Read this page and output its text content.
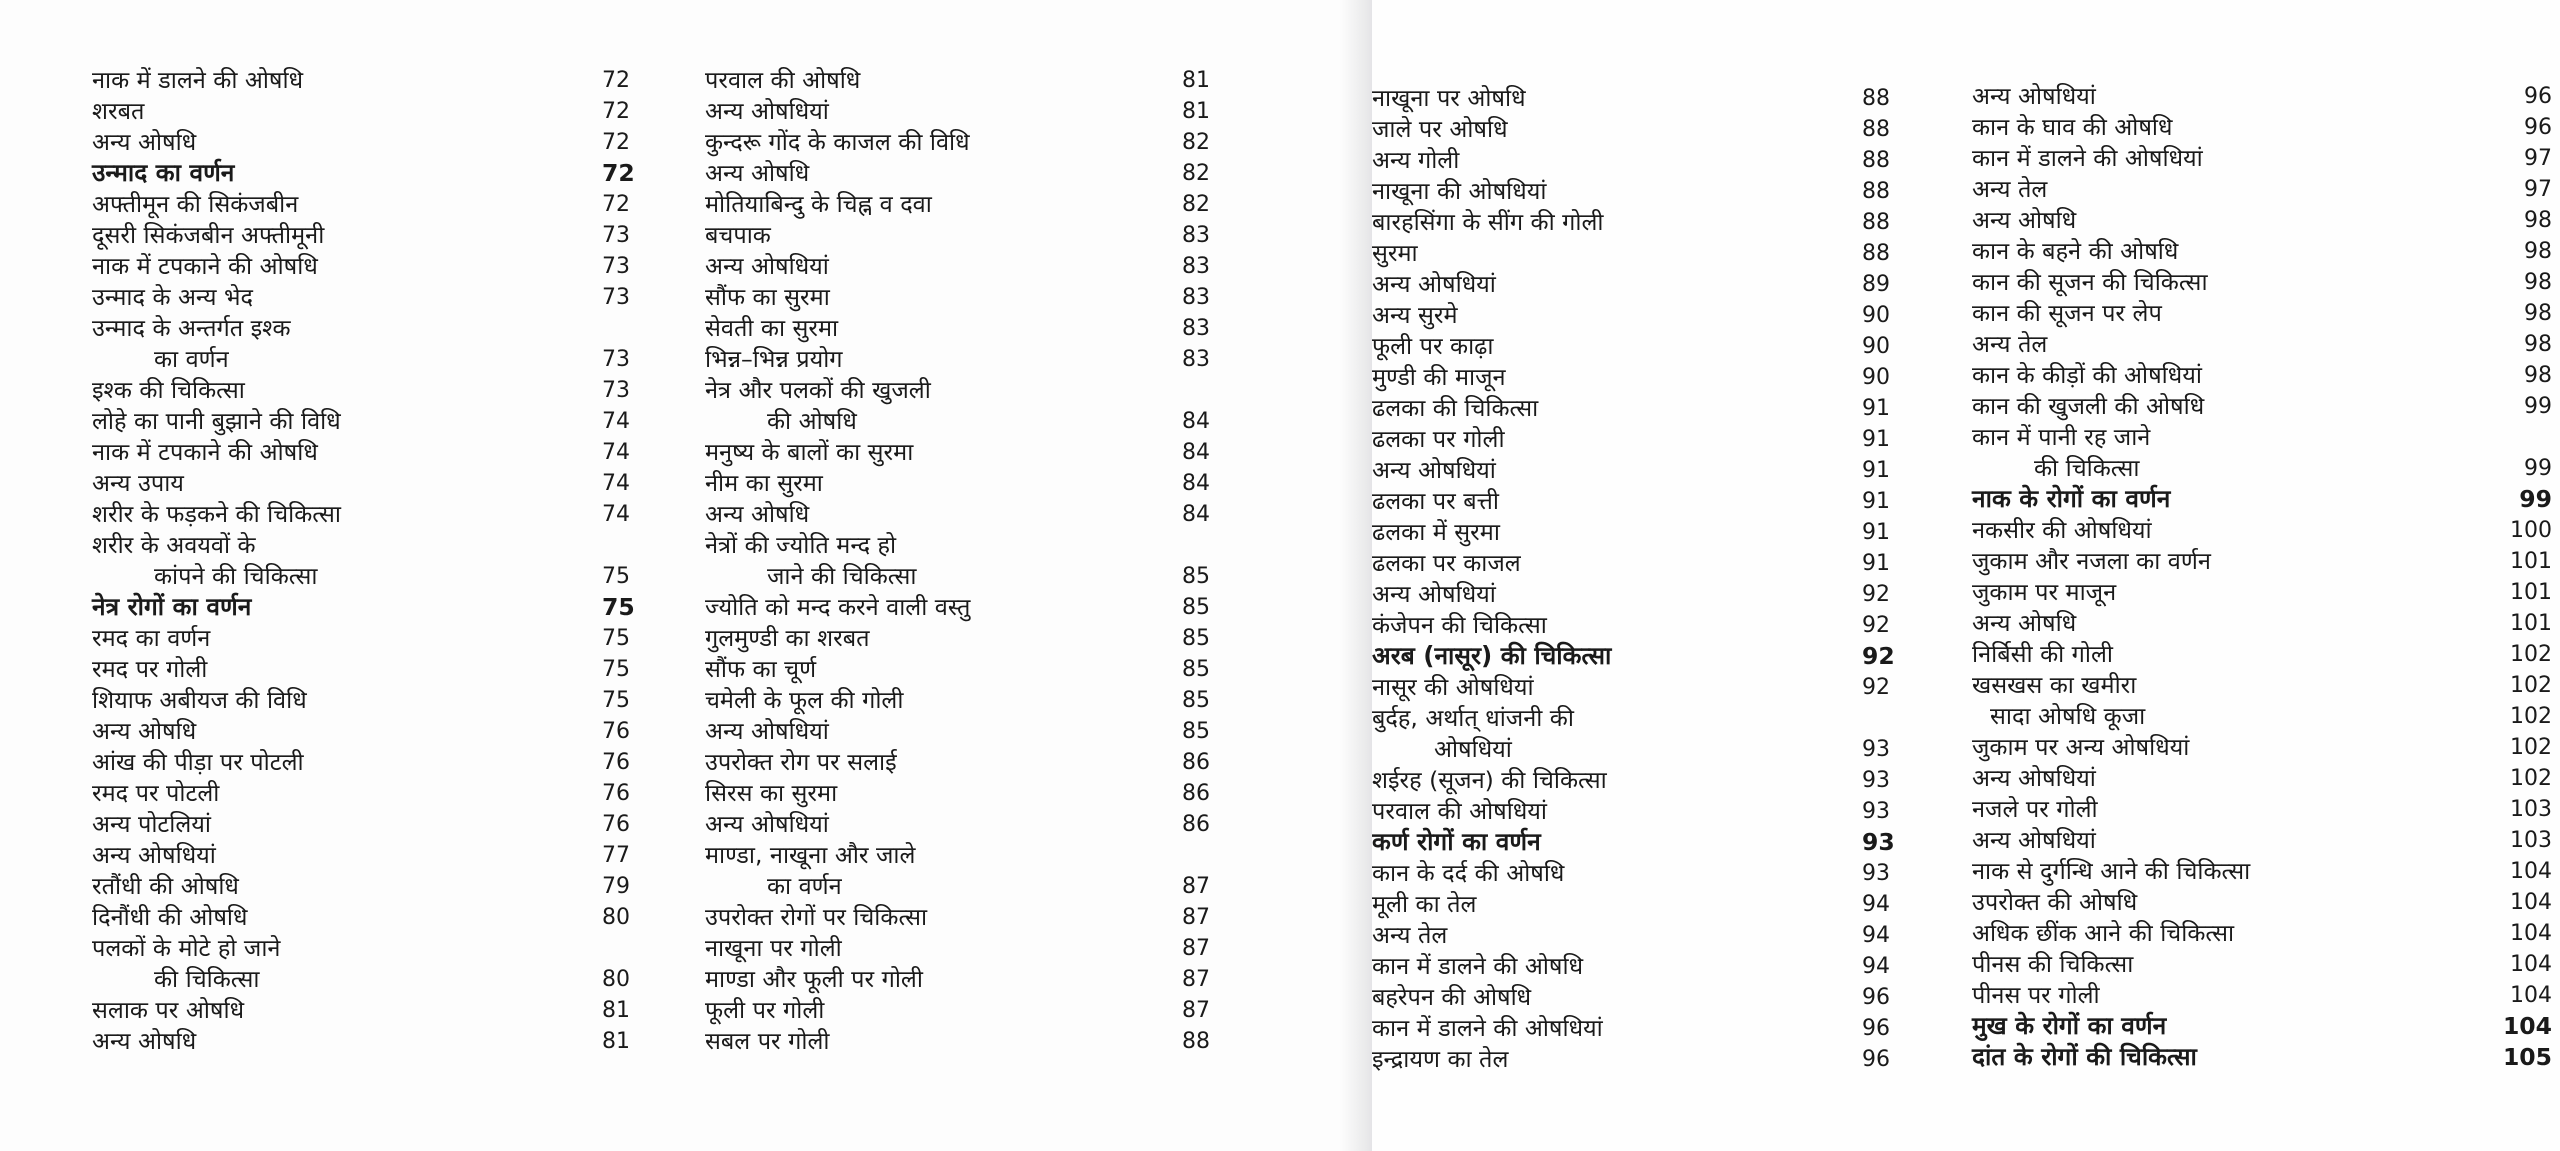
नाक में डालने की ओषधि	72
शरबत	72
अन्य ओषधि	72
उन्माद का वर्णन	72
अफ्तीमून की सिकंजबीन	72
दूसरी सिकंजबीन अफ्तीमूनी	73
नाक में टपकाने की ओषधि	73
उन्माद के अन्य भेद	73
उन्माद के अन्तर्गत इश्क
का वर्णन	73
इश्क की चिकित्सा	73
लोहे का पानी बुझाने की विधि	74
नाक में टपकाने की ओषधि	74
अन्य उपाय	74
शरीर के फड़कने की चिकित्सा	74
शरीर के अवयवों के
कांपने की चिकित्सा	75
नेत्र रोगों का वर्णन	75
रमद का वर्णन	75
रमद पर गोली	75
शियाफ अबीयज की विधि	75
अन्य ओषधि	76
आंख की पीड़ा पर पोटली	76
रमद पर पोटली	76
अन्य पोटलियां	76
अन्य ओषधियां	77
रतौंधी की ओषधि	79
दिनौंधी की ओषधि	80
पलकों के मोटे हो जाने
की चिकित्सा	80
सलाक पर ओषधि	81
अन्य ओषधि	81
परवाल की ओषधि	81
अन्य ओषधियां	81
कुन्दरू गोंद के काजल की विधि	82
अन्य ओषधि	82
मोतियाबिन्दु के चिह्न व दवा	82
बचपाक	83
अन्य ओषधियां	83
सौंफ का सुरमा	83
सेवती का सुरमा	83
भिन्न–भिन्न प्रयोग	83
नेत्र और पलकों की खुजली
की ओषधि	84
मनुष्य के बालों का सुरमा	84
नीम का सुरमा	84
अन्य ओषधि	84
नेत्रों की ज्योति मन्द हो
जाने की चिकित्सा	85
ज्योति को मन्द करने वाली वस्तु	85
गुलमुण्डी का शरबत	85
सौंफ का चूर्ण	85
चमेली के फूल की गोली	85
अन्य ओषधियां	85
उपरोक्त रोग पर सलाई	86
सिरस का सुरमा	86
अन्य ओषधियां	86
माण्डा, नाखूना और जाले
का वर्णन	87
उपरोक्त रोगों पर चिकित्सा	87
नाखूना पर गोली	87
माण्डा और फूली पर गोली	87
फूली पर गोली	87
सबल पर गोली	88
नाखूना पर ओषधि	88
जाले पर ओषधि	88
अन्य गोली	88
नाखूना की ओषधियां	88
बारहसिंगा के सींग की गोली	88
सुरमा	88
अन्य ओषधियां	89
अन्य सुरमे	90
फूली पर काढ़ा	90
मुण्डी की माजून	90
ढलका की चिकित्सा	91
ढलका पर गोली	91
अन्य ओषधियां	91
ढलका पर बत्ती	91
ढलका में सुरमा	91
ढलका पर काजल	91
अन्य ओषधियां	92
कंजेपन की चिकित्सा	92
अरब (नासूर) की चिकित्सा	92
नासूर की ओषधियां	92
बुर्दह, अर्थात् धांजनी की
ओषधियां	93
शईरह (सूजन) की चिकित्सा	93
परवाल की ओषधियां	93
कर्ण रोगों का वर्णन	93
कान के दर्द की ओषधि	93
मूली का तेल	94
अन्य तेल	94
कान में डालने की ओषधि	94
बहरेपन की ओषधि	96
कान में डालने की ओषधियां	96
इन्द्रायण का तेल	96
अन्य ओषधियां	96
कान के घाव की ओषधि	96
कान में डालने की ओषधियां	97
अन्य तेल	97
अन्य ओषधि	98
कान के बहने की ओषधि	98
कान की सूजन की चिकित्सा	98
कान की सूजन पर लेप	98
अन्य तेल	98
कान के कीड़ों की ओषधियां	98
कान की खुजली की ओषधि	99
कान में पानी रह जाने
की चिकित्सा	99
नाक के रोगों का वर्णन	99
नकसीर की ओषधियां	100
जुकाम और नजला का वर्णन	101
जुकाम पर माजून	101
अन्य ओषधि	101
निर्बिसी की गोली	102
खसखस का खमीरा	102
सादा ओषधि कूजा	102
जुकाम पर अन्य ओषधियां	102
अन्य ओषधियां	102
नजले पर गोली	103
अन्य ओषधियां	103
नाक से दुर्गन्धि आने की चिकित्सा	104
उपरोक्त की ओषधि	104
अधिक छींक आने की चिकित्सा	104
पीनस की चिकित्सा	104
पीनस पर गोली	104
मुख के रोगों का वर्णन	104
दांत के रोगों की चिकित्सा	105
